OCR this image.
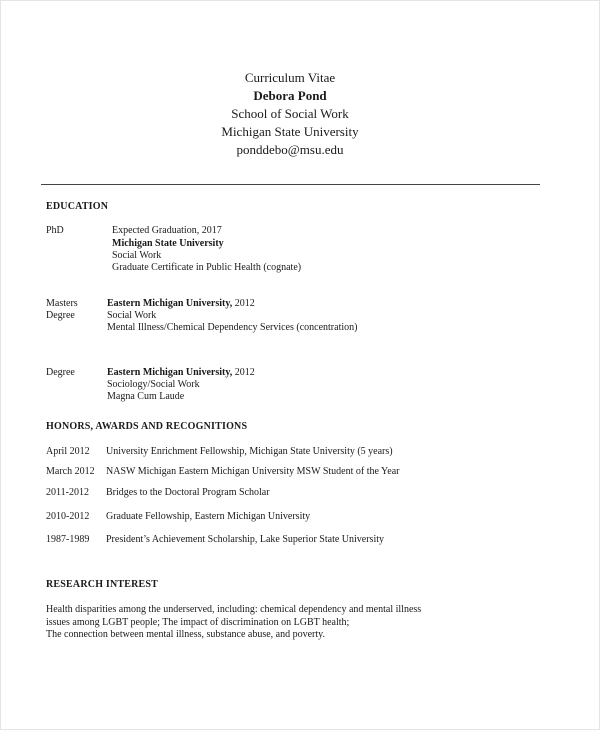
Curriculum Vitae
Debora Pond
School of Social Work
Michigan State University
ponddebo@msu.edu
EDUCATION
PhD	Expected Graduation, 2017
Michigan State University
Social Work
Graduate Certificate in Public Health (cognate)
Masters
Degree
Eastern Michigan University, 2012
Social Work
Mental Illness/Chemical Dependency Services (concentration)
Degree	Eastern Michigan University, 2012
Sociology/Social Work
Magna Cum Laude
HONORS, AWARDS AND RECOGNITIONS
April 2012 University Enrichment Fellowship, Michigan State University (5 years)
March 2012 NASW Michigan Eastern Michigan University MSW Student of the Year
2011-2012 Bridges to the Doctoral Program Scholar
2010-2012 Graduate Fellowship, Eastern Michigan University
1987-1989 President’s Achievement Scholarship, Lake Superior State University
RESEARCH INTEREST
Health disparities among the underserved, including: chemical dependency and mental illness
issues among LGBT people; The impact of discrimination on LGBT health;
The connection between mental illness, substance abuse, and poverty.
